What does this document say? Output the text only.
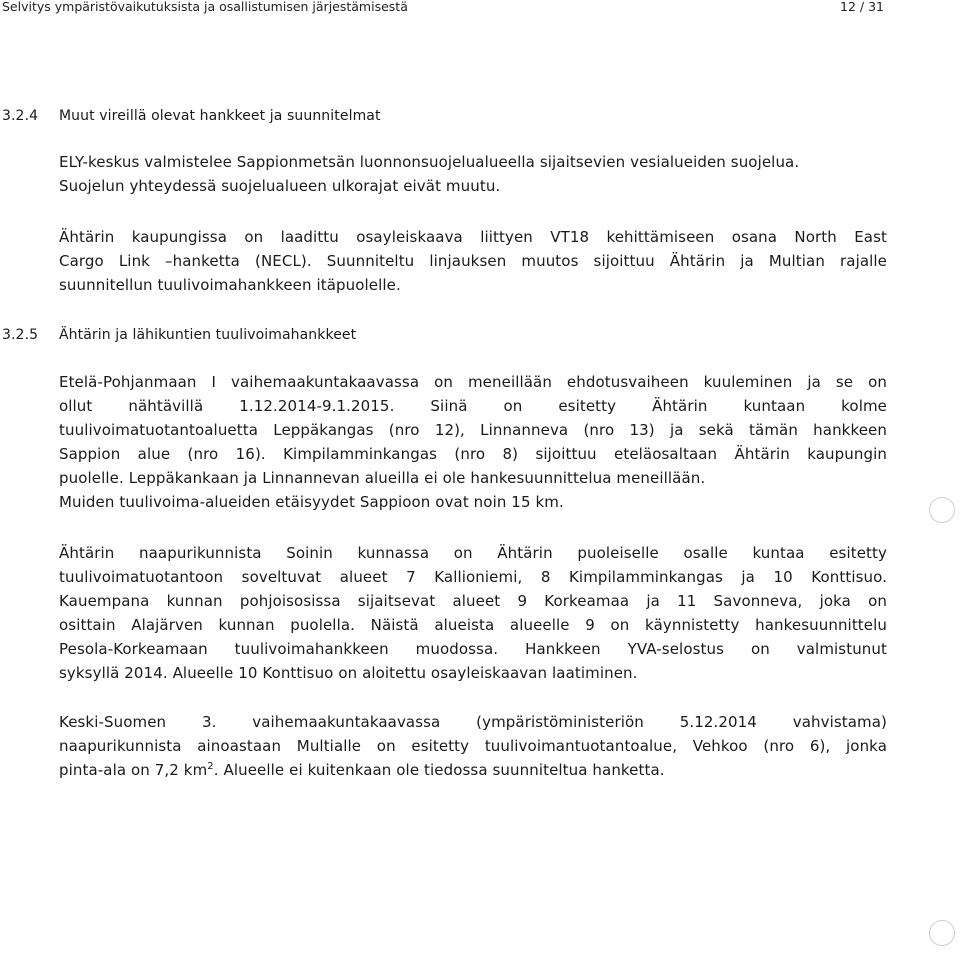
Selvitys ympäristövaikutuksista ja osallistumisen järjestämisestä	12 / 31
3.2.4 Muut vireillä olevat hankkeet ja suunnitelmat
ELY-keskus valmistelee Sappionmetsän luonnonsuojelualueella sijaitsevien vesialueiden suojelua.
Suojelun yhteydessä suojelualueen ulkorajat eivät muutu.
Ähtärin kaupungissa on laadittu osayleiskaava liittyen VT18 kehittämiseen osana North East
Cargo Link –hanketta (NECL). Suunniteltu linjauksen muutos sijoittuu Ähtärin ja Multian rajalle
suunnitellun tuulivoimahankkeen itäpuolelle.
3.2.5 Ähtärin ja lähikuntien tuulivoimahankkeet
Etelä-Pohjanmaan I vaihemaakuntakaavassa on meneillään ehdotusvaiheen kuuleminen ja se on
ollut nähtävillä 1.12.2014-9.1.2015. Siinä on esitetty Ähtärin kuntaan kolme
tuulivoimatuotantoaluetta Leppäkangas (nro 12), Linnanneva (nro 13) ja sekä tämän hankkeen
Sappion alue (nro 16). Kimpilamminkangas (nro 8) sijoittuu eteläosaltaan Ähtärin kaupungin
puolelle. Leppäkankaan ja Linnannevan alueilla ei ole hankesuunnittelua meneillään.
Muiden tuulivoima-alueiden etäisyydet Sappioon ovat noin 15 km.
Ähtärin naapurikunnista Soinin kunnassa on Ähtärin puoleiselle osalle kuntaa esitetty
tuulivoimatuotantoon soveltuvat alueet 7 Kallioniemi, 8 Kimpilamminkangas ja 10 Konttisuo.
Kauempana kunnan pohjoisosissa sijaitsevat alueet 9 Korkeamaa ja 11 Savonneva, joka on
osittain Alajärven kunnan puolella. Näistä alueista alueelle 9 on käynnistetty hankesuunnittelu
Pesola-Korkeamaan tuulivoimahankkeen muodossa. Hankkeen YVA-selostus on valmistunut
syksyllä 2014. Alueelle 10 Konttisuo on aloitettu osayleiskaavan laatiminen.
Keski-Suomen 3. vaihemaakuntakaavassa (ympäristöministeriön 5.12.2014 vahvistama)
naapurikunnista ainoastaan Multialle on esitetty tuulivoimantuotantoalue, Vehkoo (nro 6), jonka
pinta-ala on 7,2 $km^2$. Alueelle ei kuitenkaan ole tiedossa suunniteltua hanketta.
